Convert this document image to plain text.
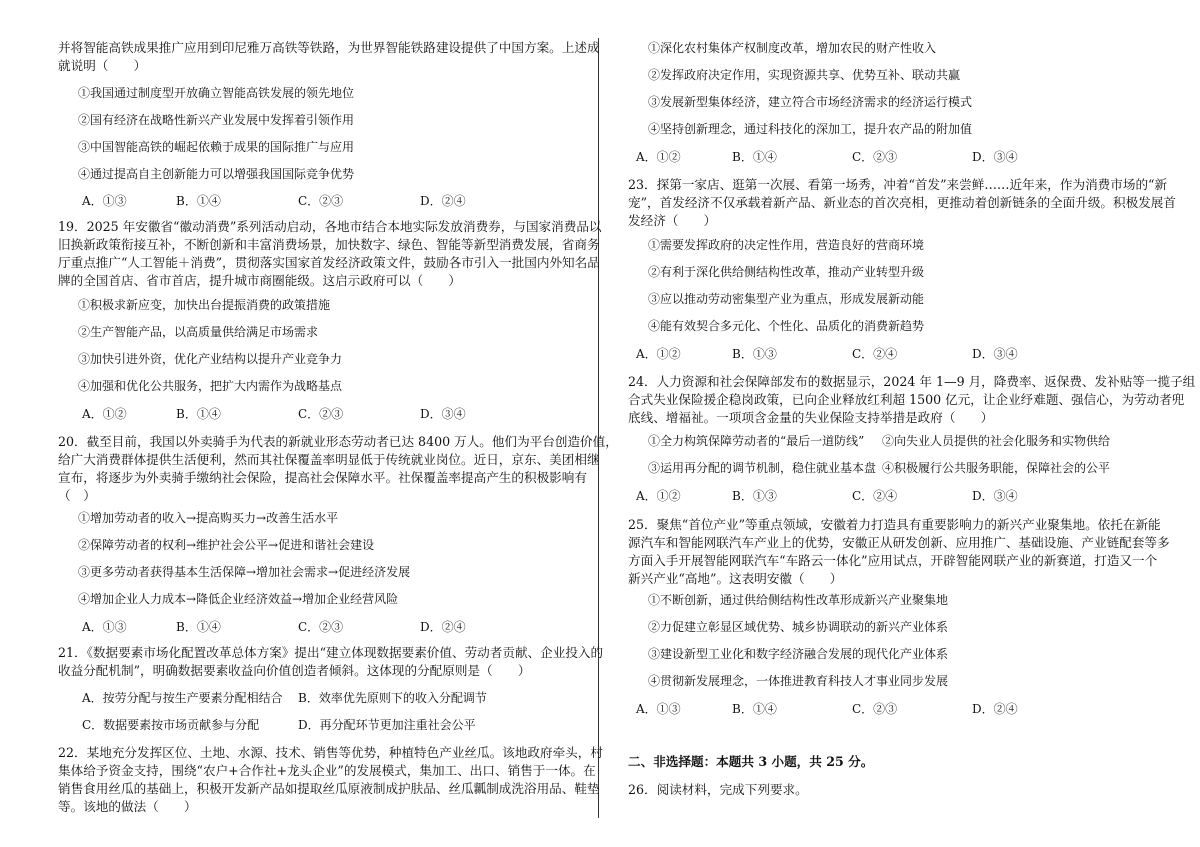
并将智能高铁成果推广应用到印尼雅万高铁等铁路，为世界智能铁路建设提供了中国方案。上述成
就说明（　　）
①我国通过制度型开放确立智能高铁发展的领先地位
②国有经济在战略性新兴产业发展中发挥着引领作用
③中国智能高铁的崛起依赖于成果的国际推广与应用
④通过提高自主创新能力可以增强我国国际竞争优势
A．①③	B．①④	C．②③	D．②④
19．2025 年安徽省“徽动消费”系列活动启动，各地市结合本地实际发放消费券，与国家消费品以
旧换新政策衔接互补，不断创新和丰富消费场景，加快数字、绿色、智能等新型消费发展，省商务
厅重点推广“人工智能＋消费”，贯彻落实国家首发经济政策文件，鼓励各市引入一批国内外知名品
牌的全国首店、省市首店，提升城市商圈能级。这启示政府可以（　　）
①积极求新应变，加快出台提振消费的政策措施
②生产智能产品，以高质量供给满足市场需求
③加快引进外资，优化产业结构以提升产业竞争力
④加强和优化公共服务，把扩大内需作为战略基点
A．①②	B．①④	C．②③	D．③④
20．截至目前，我国以外卖骑手为代表的新就业形态劳动者已达 8400 万人。他们为平台创造价值，
给广大消费群体提供生活便利，然而其社保覆盖率明显低于传统就业岗位。近日，京东、美团相继
宣布，将逐步为外卖骑手缴纳社会保险，提高社会保障水平。社保覆盖率提高产生的积极影响有
（　）
①增加劳动者的收入→提高购买力→改善生活水平
②保障劳动者的权利→维护社会公平→促进和谐社会建设
③更多劳动者获得基本生活保障→增加社会需求→促进经济发展
④增加企业人力成本→降低企业经济效益→增加企业经营风险
A．①③	B．①④	C．②③	D．②④
21．《数据要素市场化配置改革总体方案》提出“建立体现数据要素价值、劳动者贡献、企业投入的
收益分配机制”，明确数据要素收益向价值创造者倾斜。这体现的分配原则是（　　）
A．按劳分配与按生产要素分配相结合 B．效率优先原则下的收入分配调节
C．数据要素按市场贡献参与分配	D．再分配环节更加注重社会公平
22．某地充分发挥区位、土地、水源、技术、销售等优势，种植特色产业丝瓜。该地政府牵头，村
集体给予资金支持，围绕“农户+合作社+龙头企业”的发展模式，集加工、出口、销售于一体。在
销售食用丝瓜的基础上，积极开发新产品如提取丝瓜原液制成护肤品、丝瓜瓤制成洗浴用品、鞋垫
等。该地的做法（　　）
①深化农村集体产权制度改革，增加农民的财产性收入
②发挥政府决定作用，实现资源共享、优势互补、联动共赢
③发展新型集体经济，建立符合市场经济需求的经济运行模式
④坚持创新理念，通过科技化的深加工，提升农产品的附加值
A．①②	B．①④	C．②③	D．③④
23．探第一家店、逛第一次展、看第一场秀，冲着“首发”来尝鲜……近年来，作为消费市场的“新
宠”，首发经济不仅承载着新产品、新业态的首次亮相，更推动着创新链条的全面升级。积极发展首
发经济（　　）
①需要发挥政府的决定性作用，营造良好的营商环境
②有利于深化供给侧结构性改革，推动产业转型升级
③应以推动劳动密集型产业为重点，形成发展新动能
④能有效契合多元化、个性化、品质化的消费新趋势
A．①②	B．①③	C．②④	D．③④
24．人力资源和社会保障部发布的数据显示，2024 年 1—9 月，降费率、返保费、发补贴等一揽子组
合式失业保险援企稳岗政策，已向企业释放红利超 1500 亿元，让企业纾难题、强信心，为劳动者兜
底线、增福祉。一项项含金量的失业保险支持举措是政府（　　）
①全力构筑保障劳动者的“最后一道防线” ②向失业人员提供的社会化服务和实物供给
③运用再分配的调节机制，稳住就业基本盘 ④积极履行公共服务职能，保障社会的公平
A．①②	B．①③	C．②④	D．③④
25．聚焦“首位产业”等重点领域，安徽着力打造具有重要影响力的新兴产业聚集地。依托在新能
源汽车和智能网联汽车产业上的优势，安徽正从研发创新、应用推广、基础设施、产业链配套等多
方面入手开展智能网联汽车“车路云一体化”应用试点，开辟智能网联产业的新赛道，打造又一个
新兴产业“高地”。这表明安徽（　　）
①不断创新，通过供给侧结构性改革形成新兴产业聚集地
②力促建立彰显区域优势、城乡协调联动的新兴产业体系
③建设新型工业化和数字经济融合发展的现代化产业体系
④贯彻新发展理念，一体推进教育科技人才事业同步发展
A．①③	B．①④	C．②③	D．②④
二、非选择题：本题共 3 小题，共 25 分。
26．阅读材料，完成下列要求。
